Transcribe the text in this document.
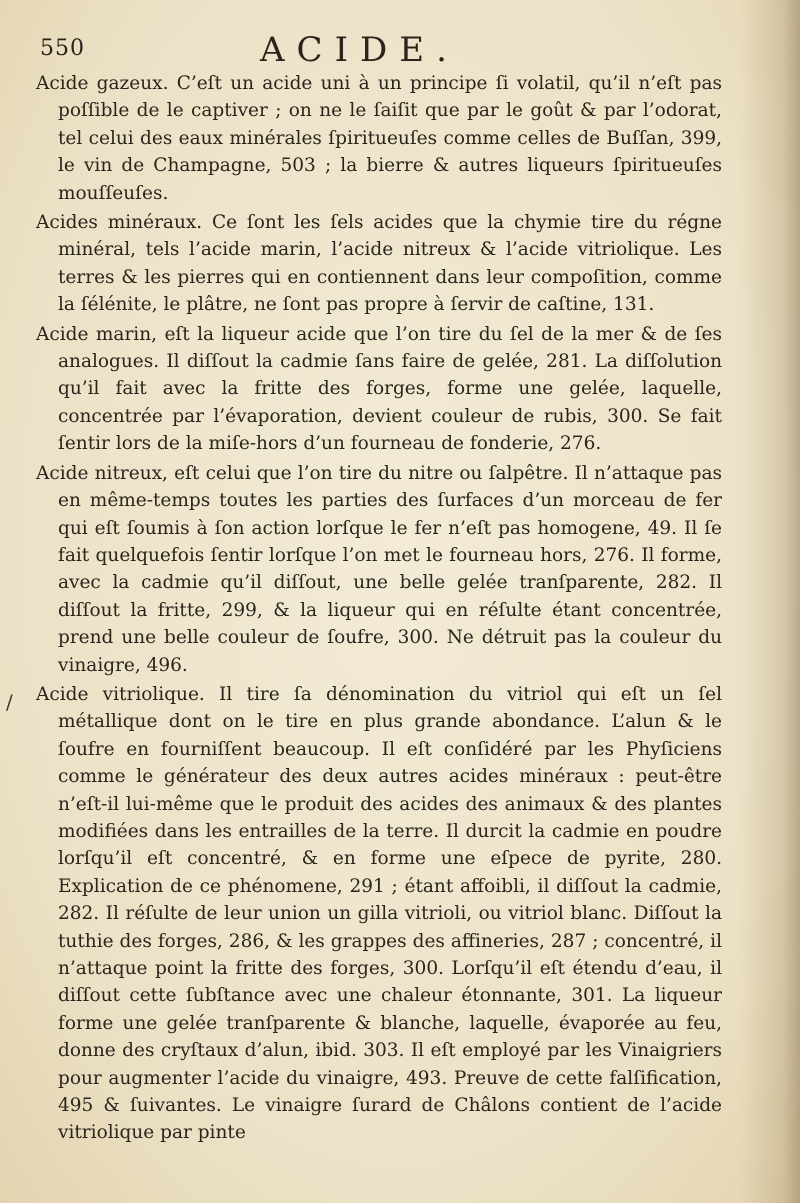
550	ACIDE.
/

Acide gazeux. C’eſt un acide uni à un principe ſi volatil, qu’il n’eſt pas poſſible de le captiver ; on ne le ſaiſit que par le goût & par l’odorat, tel celui des eaux minérales ſpiritueuſes comme celles de Buſſan, 399, le vin de Champagne, 503 ; la bierre & autres liqueurs ſpiritueuſes mouſſeuſes.

Acides minéraux. Ce ſont les ſels acides que la chymie tire du régne minéral, tels l’acide marin, l’acide nitreux & l’acide vitriolique. Les terres & les pierres qui en contiennent dans leur compoſition, comme la ſélénite, le plâtre, ne ſont pas propre à ſervir de caſtine, 131.

Acide marin, eſt la liqueur acide que l’on tire du ſel de la mer & de ſes analogues. Il diſſout la cadmie ſans faire de gelée, 281. La diſſolution qu’il fait avec la fritte des forges, forme une gelée, laquelle, concentrée par l’évaporation, devient couleur de rubis, 300. Se fait ſentir lors de la miſe-hors d’un fourneau de fonderie, 276.

Acide nitreux, eſt celui que l’on tire du nitre ou ſalpêtre. Il n’attaque pas en même-temps toutes les parties des ſurfaces d’un morceau de fer qui eſt ſoumis à ſon action lorſque le fer n’eſt pas homogene, 49. Il ſe fait quelquefois ſentir lorſque l’on met le fourneau hors, 276. Il forme, avec la cadmie qu’il diſſout, une belle gelée tranſparente, 282. Il diſſout la fritte, 299, & la liqueur qui en réſulte étant concentrée, prend une belle couleur de ſoufre, 300. Ne détruit pas la couleur du vinaigre, 496.

Acide vitriolique. Il tire ſa dénomination du vitriol qui eſt un ſel métallique dont on le tire en plus grande abondance. L’alun & le ſoufre en fourniſſent beaucoup. Il eſt conſidéré par les Phyſiciens comme le générateur des deux autres acides minéraux : peut-être n’eſt-il lui-même que le produit des acides des animaux & des plantes modifiées dans les entrailles de la terre. Il durcit la cadmie en poudre lorſqu’il eſt concentré, & en forme une eſpece de pyrite, 280. Explication de ce phénomene, 291 ; étant affoibli, il diſſout la cadmie, 282. Il réſulte de leur union un gilla vitrioli, ou vitriol blanc. Diſſout la tuthie des forges, 286, & les grappes des affineries, 287 ; concentré, il n’attaque point la fritte des forges, 300. Lorſqu’il eſt étendu d’eau, il diſſout cette ſubſtance avec une chaleur étonnante, 301. La liqueur forme une gelée tranſparente & blanche, laquelle, évaporée au feu, donne des cryſtaux d’alun, ibid. 303. Il eſt employé par les Vinaigriers pour augmenter l’acide du vinaigre, 493. Preuve de cette falſification, 495 & ſuivantes. Le vinaigre ſurard de Châlons contient de l’acide vitriolique par pinte
